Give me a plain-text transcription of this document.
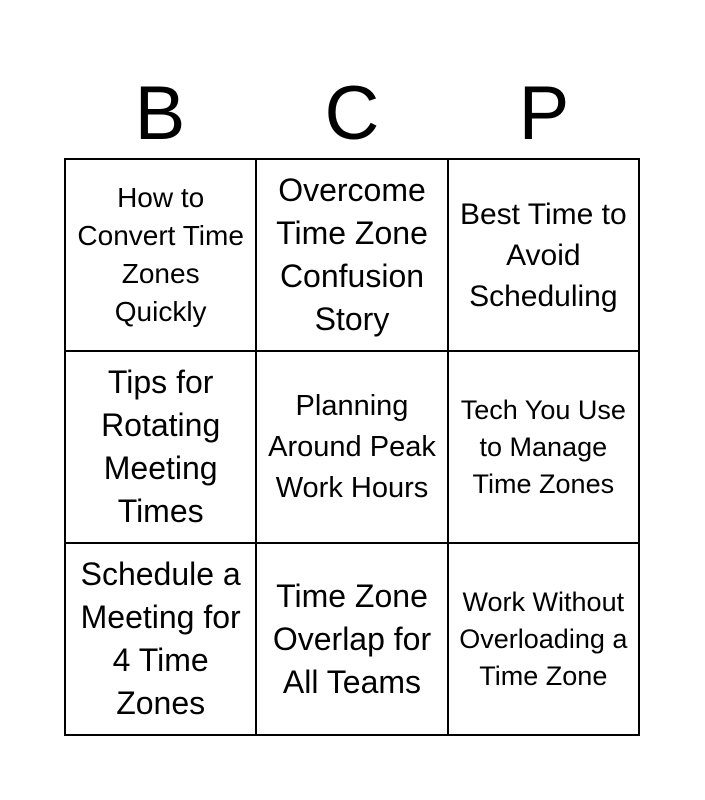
B	C	P
How to Convert Time Zones Quickly
Overcome Time Zone Confusion Story
Best Time to Avoid Scheduling
Tips for Rotating Meeting Times
Planning Around Peak Work Hours
Tech You Use to Manage Time Zones
Schedule a Meeting for 4 Time Zones
Time Zone Overlap for All Teams
Work Without Overloading a Time Zone
